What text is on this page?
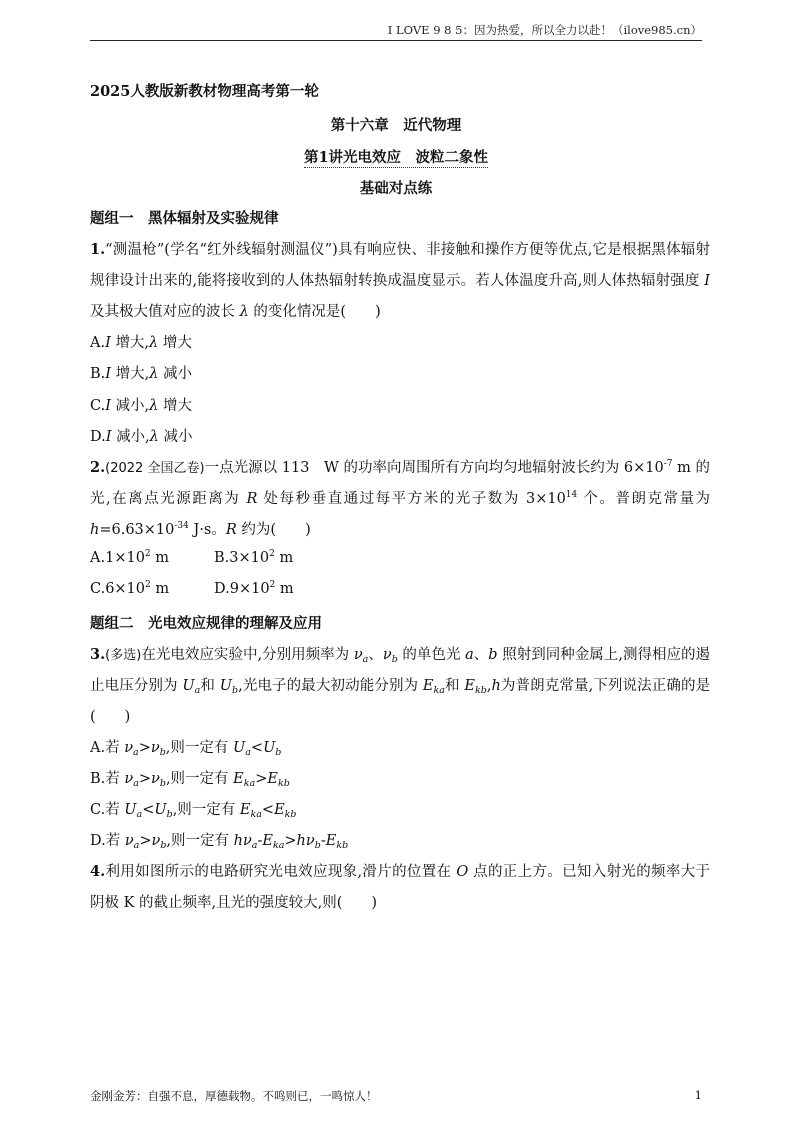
I LOVE 9 8 5：因为热爱，所以全力以赴！（ilove985.cn）

2025人教版新教材物理高考第一轮

第十六章　近代物理

第1讲光电效应　波粒二象性

基础对点练

题组一　黑体辐射及实验规律

1.“测温枪”(学名“红外线辐射测温仪”)具有响应快、非接触和操作方便等优点,它是根据黑体辐射规律设计出来的,能将接收到的人体热辐射转换成温度显示。若人体温度升高,则人体热辐射强度 I 及其极大值对应的波长 λ 的变化情况是(　　)

A.I 增大,λ 增大

B.I 增大,λ 减小

C.I 减小,λ 增大

D.I 减小,λ 减小

2.(2022 全国乙卷)一点光源以 113　W 的功率向周围所有方向均匀地辐射波长约为 $6\times 10^{-7}$ m 的光,在离点光源距离为 R 处每秒垂直通过每平方米的光子数为 $3\times 10^{14}$ 个。普朗克常量为 $h=6.63\times 10^{-34}$ J·s。R 约为(　　)

$A.1\times 10^2$ m	$B.3\times 10^2$ m

$C.6\times 10^2$ m	$D.9\times 10^2$ m

题组二　光电效应规律的理解及应用

3.(多选)在光电效应实验中,分别用频率为 $\nu_a$、$\nu_b$ 的单色光 a、b 照射到同种金属上,测得相应的遏止电压分别为 $U_a$和 $U_b$,光电子的最大初动能分别为 $E_{ka}$和 $E_{kb},h$为普朗克常量,下列说法正确的是(　　)

A.若 $\nu_a>\nu_b$,则一定有 $U_a<U_b$

B.若 $\nu_a>\nu_b$,则一定有 $E_{ka}>E_{kb}$

C.若 $U_a<U_b$,则一定有 $E_{ka}<E_{kb}$

D.若 $\nu_a>\nu_b$,则一定有 $h\nu_a-E_{ka}>h\nu_b-E_{kb}$

4.利用如图所示的电路研究光电效应现象,滑片的位置在 O 点的正上方。已知入射光的频率大于阴极 K 的截止频率,且光的强度较大,则(　　)

金刚金芳：自强不息，厚德载物。不鸣则已，一鸣惊人！	1
